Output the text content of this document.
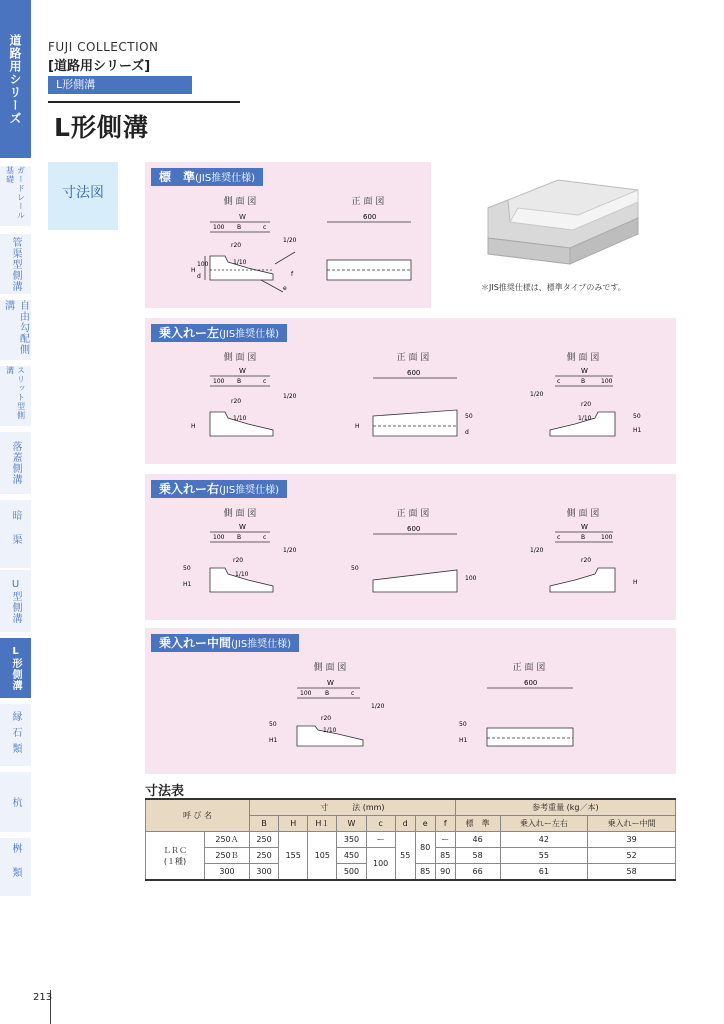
道路用シリーズ
ガードレール基礎
管渠型側溝
自由勾配側溝
スリット型側溝
落蓋側溝
暗渠
U型側溝
L形側溝
縁石類
杭
桝類
FUJI COLLECTION
[道路用シリーズ]
L形側溝
L形側溝
寸法図
＊JIS推奨仕様は、標準タイプのみです。
標　準(JIS推奨仕様)
側 面 図	正 面 図
W
100 B	c
r20
1/10
1/20
H
100
d
e
f
600
乗入れー左(JIS推奨仕様)
側 面 図	正 面 図	側 面 図
W
100 B	c
r20
1/10
1/20
H
600
50
d
H
W
c	B	100
1/20
r20
1/10	50
H1
乗入れー右(JIS推奨仕様)
側 面 図	正 面 図	側 面 図
W
100 B	c
r20
1/10
1/20
50
H1
600
50
100
W
c	B	100
1/20
r20
H
乗入れー中間(JIS推奨仕様)
側 面 図	正 面 図
W
100 B	c
r20
1/10
1/20
50
H1
600
50
H1
寸法表
呼 び 名		寸　　　法 (mm)								参考重量 (kg／本)		
		B	H	H１	W	c	d	e	f	標　準	乗入れー左右	乗入れー中間
ＬＲＣ
(１種)	250Ａ	250	155	105	350	ー	55	80	ー	46	42	39
	250Ｂ	250			450	100			85	58	55	52
	300	300			500			85	90	66	61	58
213
